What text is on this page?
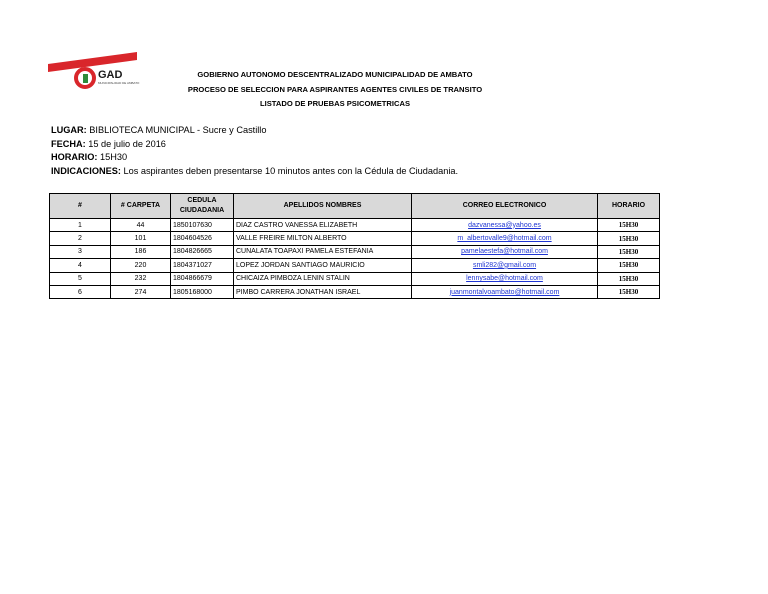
GAD
MUNICIPALIDAD DE AMBATO
GOBIERNO AUTONOMO DESCENTRALIZADO MUNICIPALIDAD DE AMBATO
PROCESO DE SELECCION PARA ASPIRANTES AGENTES CIVILES DE TRANSITO
LISTADO DE PRUEBAS PSICOMETRICAS
LUGAR: BIBLIOTECA MUNICIPAL - Sucre y Castillo
FECHA: 15 de julio de 2016
HORARIO: 15H30
INDICACIONES: Los aspirantes deben presentarse 10 minutos antes con la Cédula de Ciudadania.
#	# CARPETA	CEDULA
CIUDADANIA	APELLIDOS NOMBRES	CORREO ELECTRONICO	HORARIO
1	44	1850107630	DIAZ CASTRO VANESSA ELIZABETH	dazvanessa@yahoo.es	15H30
2	101	1804604526	VALLE FREIRE MILTON ALBERTO	m_albertovalle9@hotmail.com	15H30
3	186	1804826665	CUNALATA TOAPAXI PAMELA ESTEFANIA	pamelaestefa@hotmail.com	15H30
4	220	1804371027	LOPEZ JORDAN SANTIAGO MAURICIO	smli282@gmail.com	15H30
5	232	1804866679	CHICAIZA PIMBOZA LENIN STALIN	lennysabe@hotmail.com	15H30
6	274	1805168000	PIMBO CARRERA JONATHAN ISRAEL	juanmontalvoambato@hotmail.com	15H30
